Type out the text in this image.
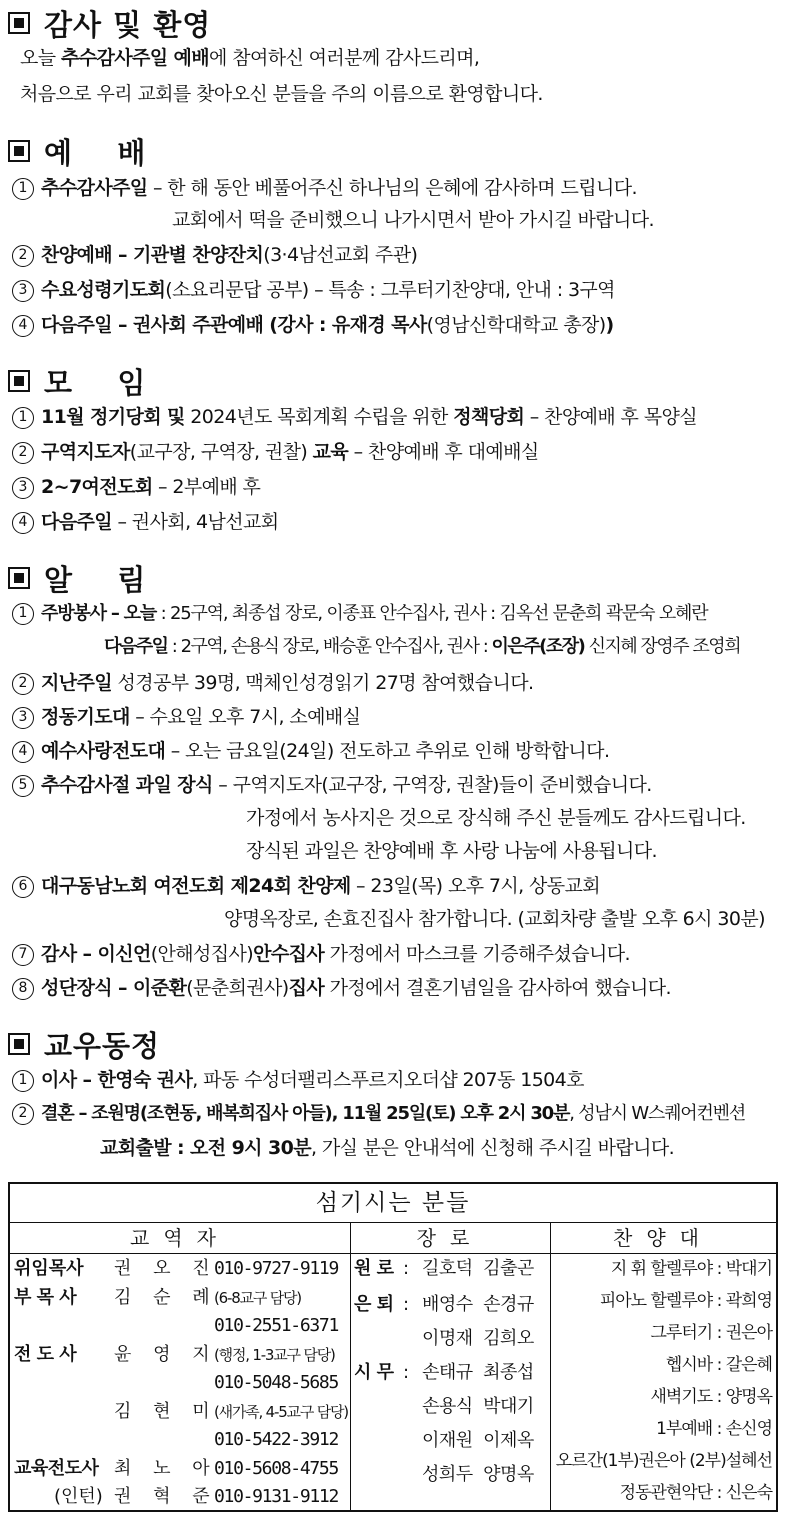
감사 및 환영
오늘 추수감사주일 예배에 참여하신 여러분께 감사드리며,
처음으로 우리 교회를 찾아오신 분들을 주의 이름으로 환영합니다.
예    배
1 추수감사주일 – 한 해 동안 베풀어주신 하나님의 은혜에 감사하며 드립니다.
교회에서 떡을 준비했으니 나가시면서 받아 가시길 바랍니다.
2 찬양예배 – 기관별 찬양잔치(3·4남선교회 주관)
3 수요성령기도회(소요리문답 공부) – 특송 : 그루터기찬양대, 안내 : 3구역
4 다음주일 – 권사회 주관예배 (강사 : 유재경 목사(영남신학대학교 총장))
모    임
1 11월 정기당회 및 2024년도 목회계획 수립을 위한 정책당회 – 찬양예배 후 목양실
2 구역지도자(교구장, 구역장, 권찰) 교육 – 찬양예배 후 대예배실
3 2~7여전도회 – 2부예배 후
4 다음주일 – 권사회, 4남선교회
알    림
1 주방봉사 – 오늘 : 25구역, 최종섭 장로, 이종표 안수집사, 권사 : 김옥선 문춘희 곽문숙 오혜란
다음주일 : 2구역, 손용식 장로, 배승훈 안수집사, 권사 : 이은주(조장) 신지혜 장영주 조영희
2 지난주일 성경공부 39명, 맥체인성경읽기 27명 참여했습니다.
3 정동기도대 – 수요일 오후 7시, 소예배실
4 예수사랑전도대 – 오는 금요일(24일) 전도하고 추위로 인해 방학합니다.
5 추수감사절 과일 장식 – 구역지도자(교구장, 구역장, 권찰)들이 준비했습니다.
가정에서 농사지은 것으로 장식해 주신 분들께도 감사드립니다.
장식된 과일은 찬양예배 후 사랑 나눔에 사용됩니다.
6 대구동남노회 여전도회 제24회 찬양제 – 23일(목) 오후 7시, 상동교회
양명옥장로, 손효진집사 참가합니다. (교회차량 출발 오후 6시 30분)
7 감사 – 이신언(안해성집사)안수집사 가정에서 마스크를 기증해주셨습니다.
8 성단장식 – 이준환(문춘희권사)집사 가정에서 결혼기념일을 감사하여 했습니다.
교우동정
1 이사 – 한영숙 권사, 파동 수성더팰리스푸르지오더샵 207동 1504호
2 결혼 – 조원명(조현동, 배복희집사 아들), 11월 25일(토) 오후 2시 30분, 성남시 W스퀘어컨벤션
교회출발 : 오전 9시 30분, 가실 분은 안내석에 신청해 주시길 바랍니다.
섬기시는 분들
교역자	장로	찬양대
위임목사 권 오 진
010-9727-9119
부 목 사 김 순 례
(6-8교구 담당)
010-2551-6371
전 도 사 윤 영 지
(행정, 1-3교구 담당)
010-5048-5685
김 현 미
(새가족, 4-5교구 담당)
010-5422-3912
교육전도사 최 노 아
010-5608-4755
(인턴) 권 혁 준
010-9131-9112
원 로 : 길호덕  김출곤
은 퇴 : 배영수  손경규
이명재  김희오
시 무 : 손태규  최종섭
손용식  박대기
이재원  이제옥
성희두  양명옥
지 휘 할렐루야 : 박대기
피아노 할렐루야 : 곽희영
그루터기 : 권은아
헵시바 : 갈은혜
새벽기도 : 양명옥
1부예배 : 손신영
오르간(1부)권은아 (2부)설혜선
정동관현악단 : 신은숙
